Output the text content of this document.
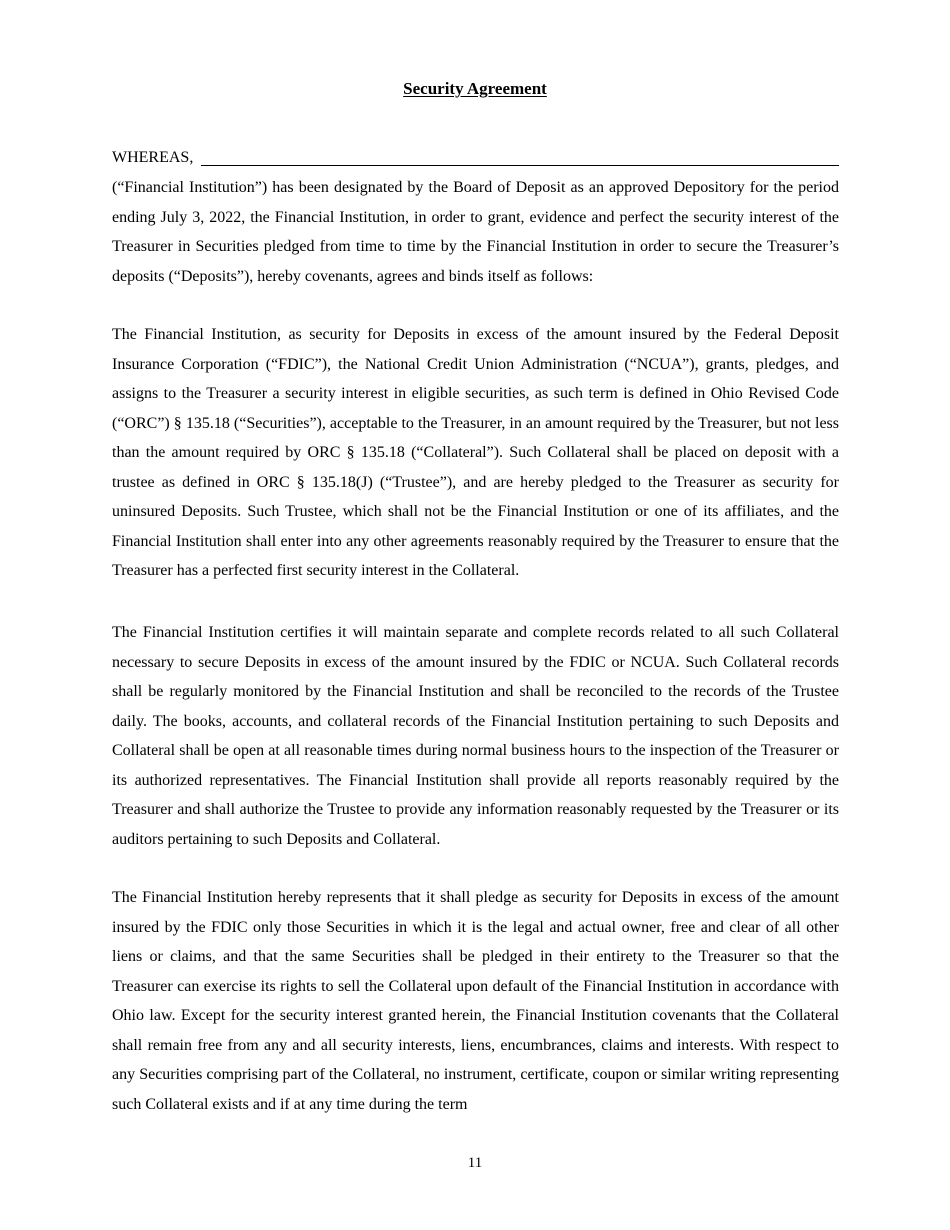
Security Agreement
WHEREAS,

(“Financial Institution”) has been designated by the Board of Deposit as an approved Depository for the period ending July 3, 2022, the Financial Institution, in order to grant, evidence and perfect the security interest of the Treasurer in Securities pledged from time to time by the Financial Institution in order to secure the Treasurer’s deposits (“Deposits”), hereby covenants, agrees and binds itself as follows:

The Financial Institution, as security for Deposits in excess of the amount insured by the Federal Deposit Insurance Corporation (“FDIC”), the National Credit Union Administration (“NCUA”), grants, pledges, and assigns to the Treasurer a security interest in eligible securities, as such term is defined in Ohio Revised Code (“ORC”) § 135.18 (“Securities”), acceptable to the Treasurer, in an amount required by the Treasurer, but not less than the amount required by ORC § 135.18 (“Collateral”). Such Collateral shall be placed on deposit with a trustee as defined in ORC § 135.18(J) (“Trustee”), and are hereby pledged to the Treasurer as security for uninsured Deposits. Such Trustee, which shall not be the Financial Institution or one of its affiliates, and the Financial Institution shall enter into any other agreements reasonably required by the Treasurer to ensure that the Treasurer has a perfected first security interest in the Collateral.

The Financial Institution certifies it will maintain separate and complete records related to all such Collateral necessary to secure Deposits in excess of the amount insured by the FDIC or NCUA. Such Collateral records shall be regularly monitored by the Financial Institution and shall be reconciled to the records of the Trustee daily. The books, accounts, and collateral records of the Financial Institution pertaining to such Deposits and Collateral shall be open at all reasonable times during normal business hours to the inspection of the Treasurer or its authorized representatives. The Financial Institution shall provide all reports reasonably required by the Treasurer and shall authorize the Trustee to provide any information reasonably requested by the Treasurer or its auditors pertaining to such Deposits and Collateral.

The Financial Institution hereby represents that it shall pledge as security for Deposits in excess of the amount insured by the FDIC only those Securities in which it is the legal and actual owner, free and clear of all other liens or claims, and that the same Securities shall be pledged in their entirety to the Treasurer so that the Treasurer can exercise its rights to sell the Collateral upon default of the Financial Institution in accordance with Ohio law. Except for the security interest granted herein, the Financial Institution covenants that the Collateral shall remain free from any and all security interests, liens, encumbrances, claims and interests. With respect to any Securities comprising part of the Collateral, no instrument, certificate, coupon or similar writing representing such Collateral exists and if at any time during the term

11
